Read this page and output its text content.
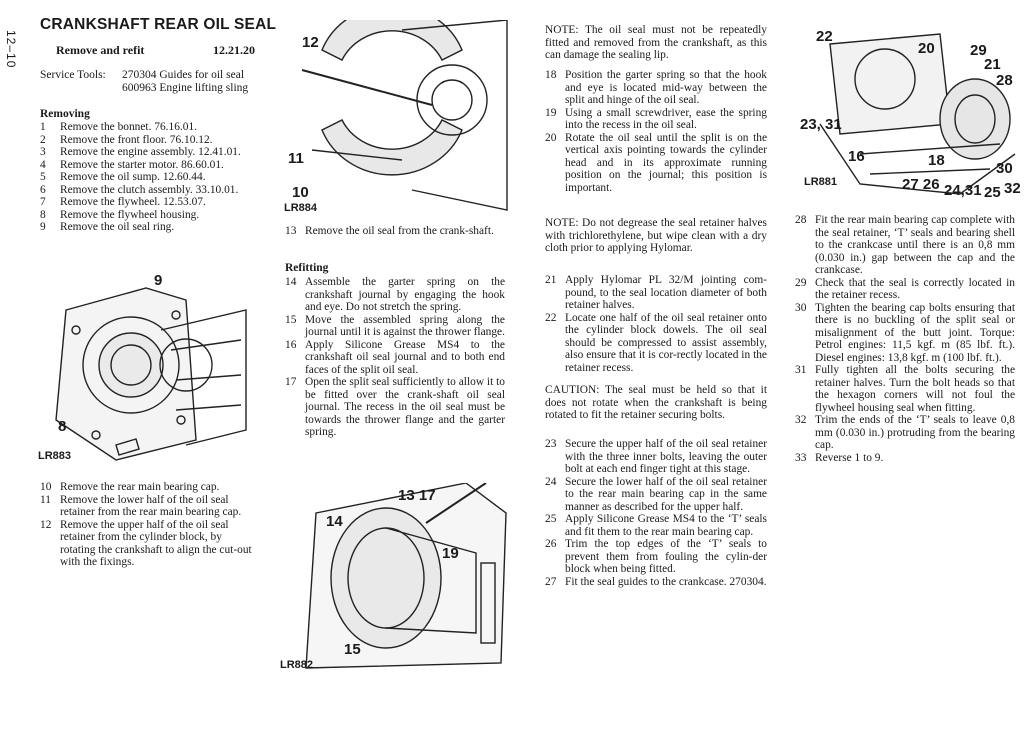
12–10
CRANKSHAFT REAR OIL SEAL
Remove and refit	12.21.20
Service Tools: 270304 Guides for oil seal
600963 Engine lifting sling
Removing
1	Remove the bonnet. 76.16.01.
2	Remove the front floor. 76.10.12.
3	Remove the engine assembly. 12.41.01.
4	Remove the starter motor. 86.60.01.
5	Remove the oil sump. 12.60.44.
6	Remove the clutch assembly. 33.10.01.
7	Remove the flywheel. 12.53.07.
8	Remove the flywheel housing.
9	Remove the oil seal ring.
9
8
LR883
10 Remove the rear main bearing cap.
11 Remove the lower half of the oil seal retainer from the rear main bearing cap.
12 Remove the upper half of the oil seal retainer from the cylinder block, by rotating the crankshaft to align the cut-out with the fixings.
12
11
10
LR884
13 Remove the oil seal from the crank-shaft.
Refitting
14 Assemble the garter spring on the crankshaft journal by engaging the hook and eye. Do not stretch the spring.
15 Move the assembled spring along the journal until it is against the thrower flange.
16 Apply Silicone Grease MS4 to the crankshaft oil seal journal and to both end faces of the split oil seal.
17 Open the split seal sufficiently to allow it to be fitted over the crank-shaft oil seal journal. The recess in the oil seal must be towards the thrower flange and the garter spring.
13 17
14
19
15
LR882
NOTE: The oil seal must not be repeatedly fitted and removed from the crankshaft, as this can damage the sealing lip.
18 Position the garter spring so that the hook and eye is located mid-way between the split and hinge of the oil seal.
19 Using a small screwdriver, ease the spring into the recess in the oil seal.
20 Rotate the oil seal until the split is on the vertical axis pointing towards the cylinder head and in its approximate running position on the journal; this position is important.
NOTE: Do not degrease the seal retainer halves with trichlorethylene, but wipe clean with a dry cloth prior to applying Hylomar.
21 Apply Hylomar PL 32/M jointing com-pound, to the seal location diameter of both retainer halves.
22 Locate one half of the oil seal retainer onto the cylinder block dowels. The oil seal should be compressed to assist assembly, also ensure that it is cor-rectly located in the retainer recess.
CAUTION: The seal must be held so that it does not rotate when the crankshaft is being rotated to fit the retainer securing bolts.
23 Secure the upper half of the oil seal retainer with the three inner bolts, leaving the outer bolt at each end finger tight at this stage.
24 Secure the lower half of the oil seal retainer to the rear main bearing cap in the same manner as described for the upper half.
25 Apply Silicone Grease MS4 to the ‘T’ seals and fit them to the rear main bearing cap.
26 Trim the top edges of the ‘T’ seals to prevent them from fouling the cylin-der block when being fitted.
27 Fit the seal guides to the crankcase. 270304.
22
20 29
21
28
23, 31
16	18	30
27 26 24,31 25 32
LR881
28 Fit the rear main bearing cap complete with the seal retainer, ‘T’ seals and bearing shell to the crankcase until there is an 0,8 mm (0.030 in.) gap between the cap and the crankcase.
29 Check that the seal is correctly located in the retainer recess.
30 Tighten the bearing cap bolts ensuring that there is no buckling of the split seal or misalignment of the butt joint. Torque: Petrol engines: 11,5 kgf. m (85 lbf. ft.). Diesel engines: 13,8 kgf. m (100 lbf. ft.).
31 Fully tighten all the bolts securing the retainer halves. Turn the bolt heads so that the hexagon corners will not foul the flywheel housing seal when fitting.
32 Trim the ends of the ‘T’ seals to leave 0,8 mm (0.030 in.) protruding from the bearing cap.
33 Reverse 1 to 9.
